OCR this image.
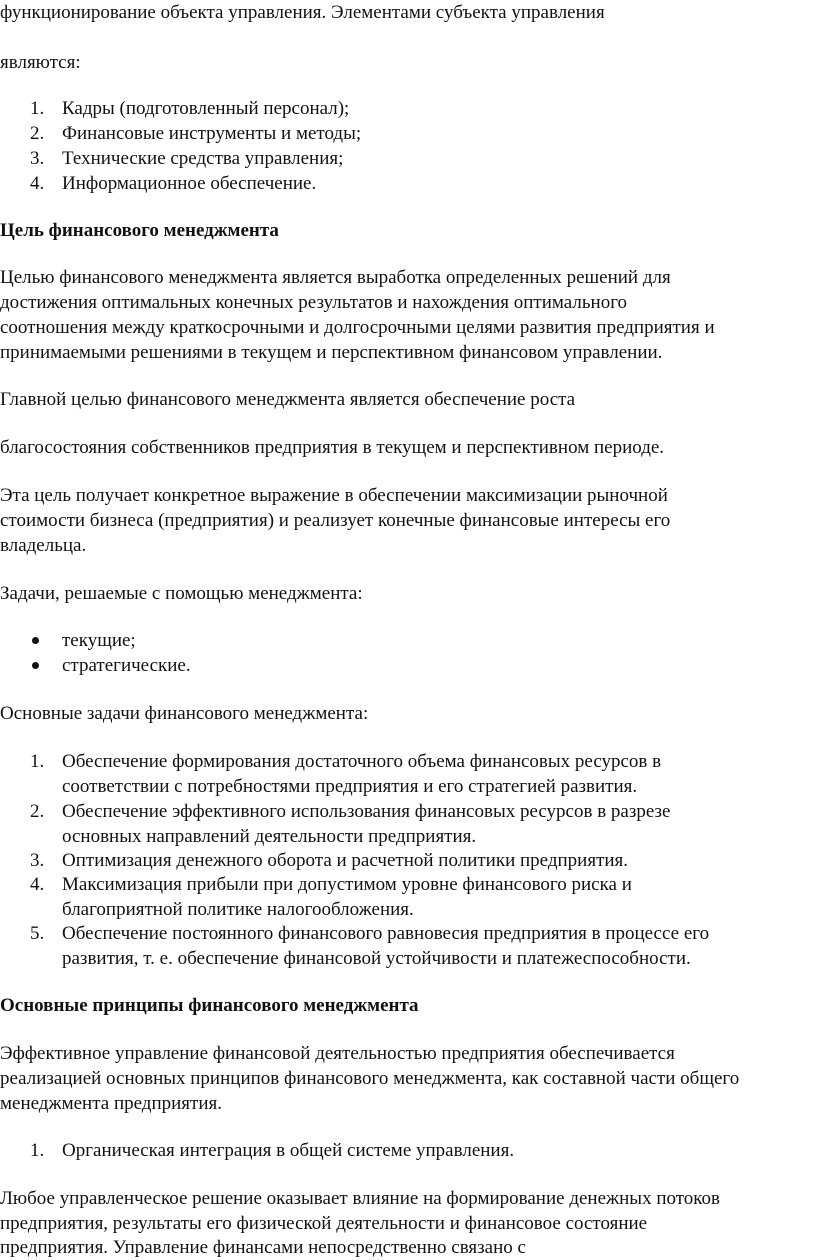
функционирование объекта управления. Элементами субъекта управления
являются:
1. Кадры (подготовленный персонал);
2. Финансовые инструменты и методы;
3. Технические средства управления;
4. Информационное обеспечение.
Цель финансового менеджмента
Целью финансового менеджмента является выработка определенных решений для
достижения оптимальных конечных результатов и нахождения оптимального
соотношения между краткосрочными и долгосрочными целями развития предприятия и
принимаемыми решениями в текущем и перспективном финансовом управлении.
Главной целью финансового менеджмента является обеспечение роста
благосостояния собственников предприятия в текущем и перспективном периоде.
Эта цель получает конкретное выражение в обеспечении максимизации рыночной
стоимости бизнеса (предприятия) и реализует конечные финансовые интересы его
владельца.
Задачи, решаемые с помощью менеджмента:
текущие;
стратегические.
Основные задачи финансового менеджмента:
1. Обеспечение формирования достаточного объема финансовых ресурсов в
соответствии с потребностями предприятия и его стратегией развития.
2. Обеспечение эффективного использования финансовых ресурсов в разрезе
основных направлений деятельности предприятия.
3. Оптимизация денежного оборота и расчетной политики предприятия.
4. Максимизация прибыли при допустимом уровне финансового риска и
благоприятной политике налогообложения.
5. Обеспечение постоянного финансового равновесия предприятия в процессе его
развития, т. е. обеспечение финансовой устойчивости и платежеспособности.
Основные принципы финансового менеджмента
Эффективное управление финансовой деятельностью предприятия обеспечивается
реализацией основных принципов финансового менеджмента, как составной части общего
менеджмента предприятия.
1. Органическая интеграция в общей системе управления.
Любое управленческое решение оказывает влияние на формирование денежных потоков
предприятия, результаты его физической деятельности и финансовое состояние
предприятия. Управление финансами непосредственно связано с
